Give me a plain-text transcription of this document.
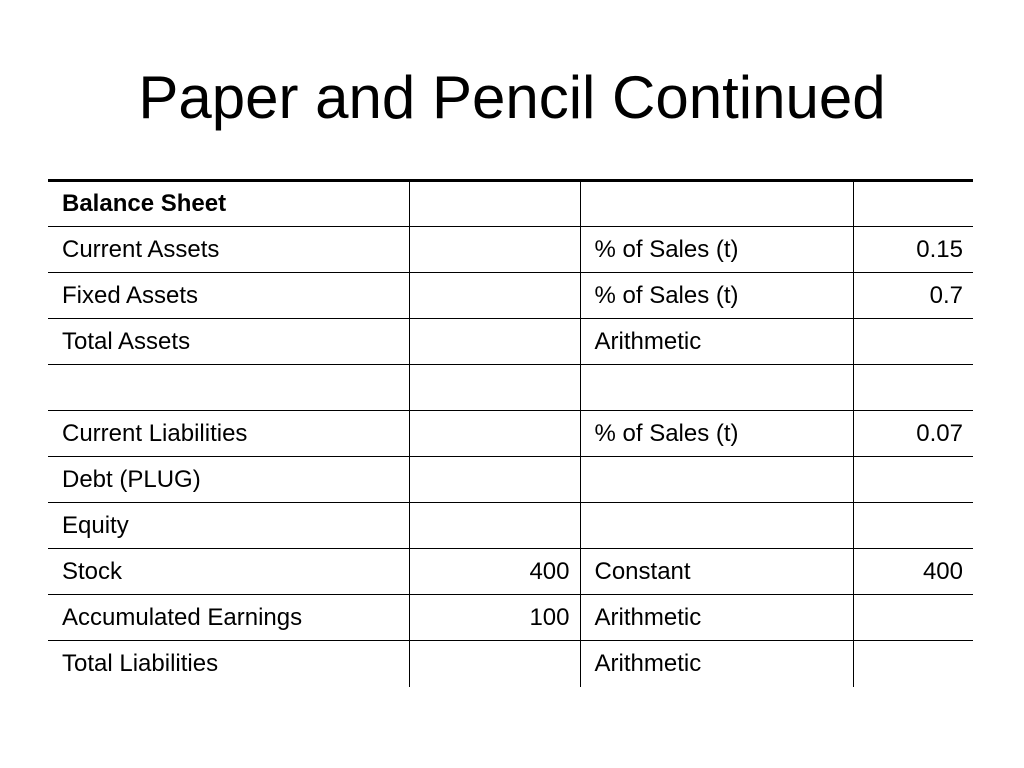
Paper and Pencil Continued
Balance Sheet			
Current Assets		% of Sales (t)	0.15
Fixed Assets		% of Sales (t)	0.7
Total Assets		Arithmetic	

Current Liabilities		% of Sales (t)	0.07
Debt (PLUG)			
Equity			
Stock	400	Constant	400
Accumulated Earnings	100	Arithmetic	
Total Liabilities		Arithmetic	
